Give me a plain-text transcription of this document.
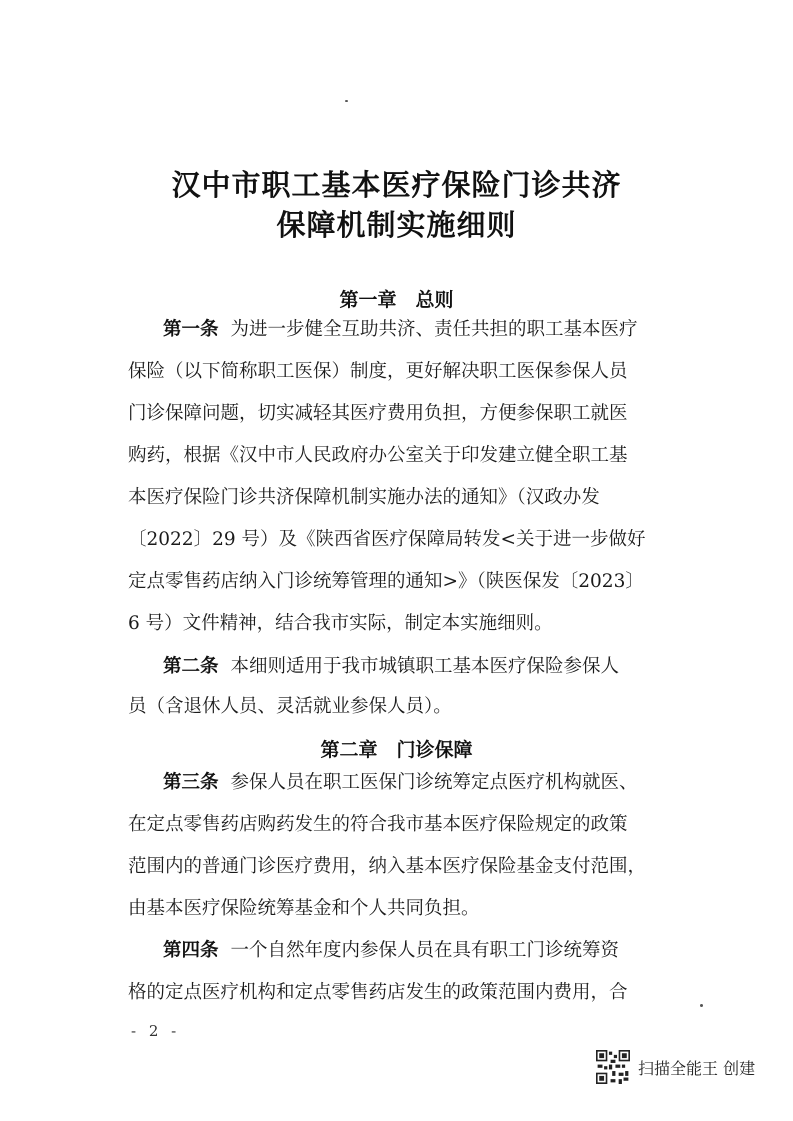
汉中市职工基本医疗保险门诊共济
保障机制实施细则
第一章　总则
第一条 为进一步健全互助共济、责任共担的职工基本医疗
保险（以下简称职工医保）制度，更好解决职工医保参保人员
门诊保障问题，切实减轻其医疗费用负担，方便参保职工就医
购药，根据《汉中市人民政府办公室关于印发建立健全职工基
本医疗保险门诊共济保障机制实施办法的通知》（汉政办发
〔2022〕29 号）及《陕西省医疗保障局转发<关于进一步做好
定点零售药店纳入门诊统筹管理的通知>》（陕医保发〔2023〕
6 号）文件精神，结合我市实际，制定本实施细则。
第二条 本细则适用于我市城镇职工基本医疗保险参保人
员（含退休人员、灵活就业参保人员）。
第二章　门诊保障
第三条 参保人员在职工医保门诊统筹定点医疗机构就医、
在定点零售药店购药发生的符合我市基本医疗保险规定的政策
范围内的普通门诊医疗费用，纳入基本医疗保险基金支付范围，
由基本医疗保险统筹基金和个人共同负担。
第四条 一个自然年度内参保人员在具有职工门诊统筹资
格的定点医疗机构和定点零售药店发生的政策范围内费用，合
- 2 -
扫描全能王 创建
